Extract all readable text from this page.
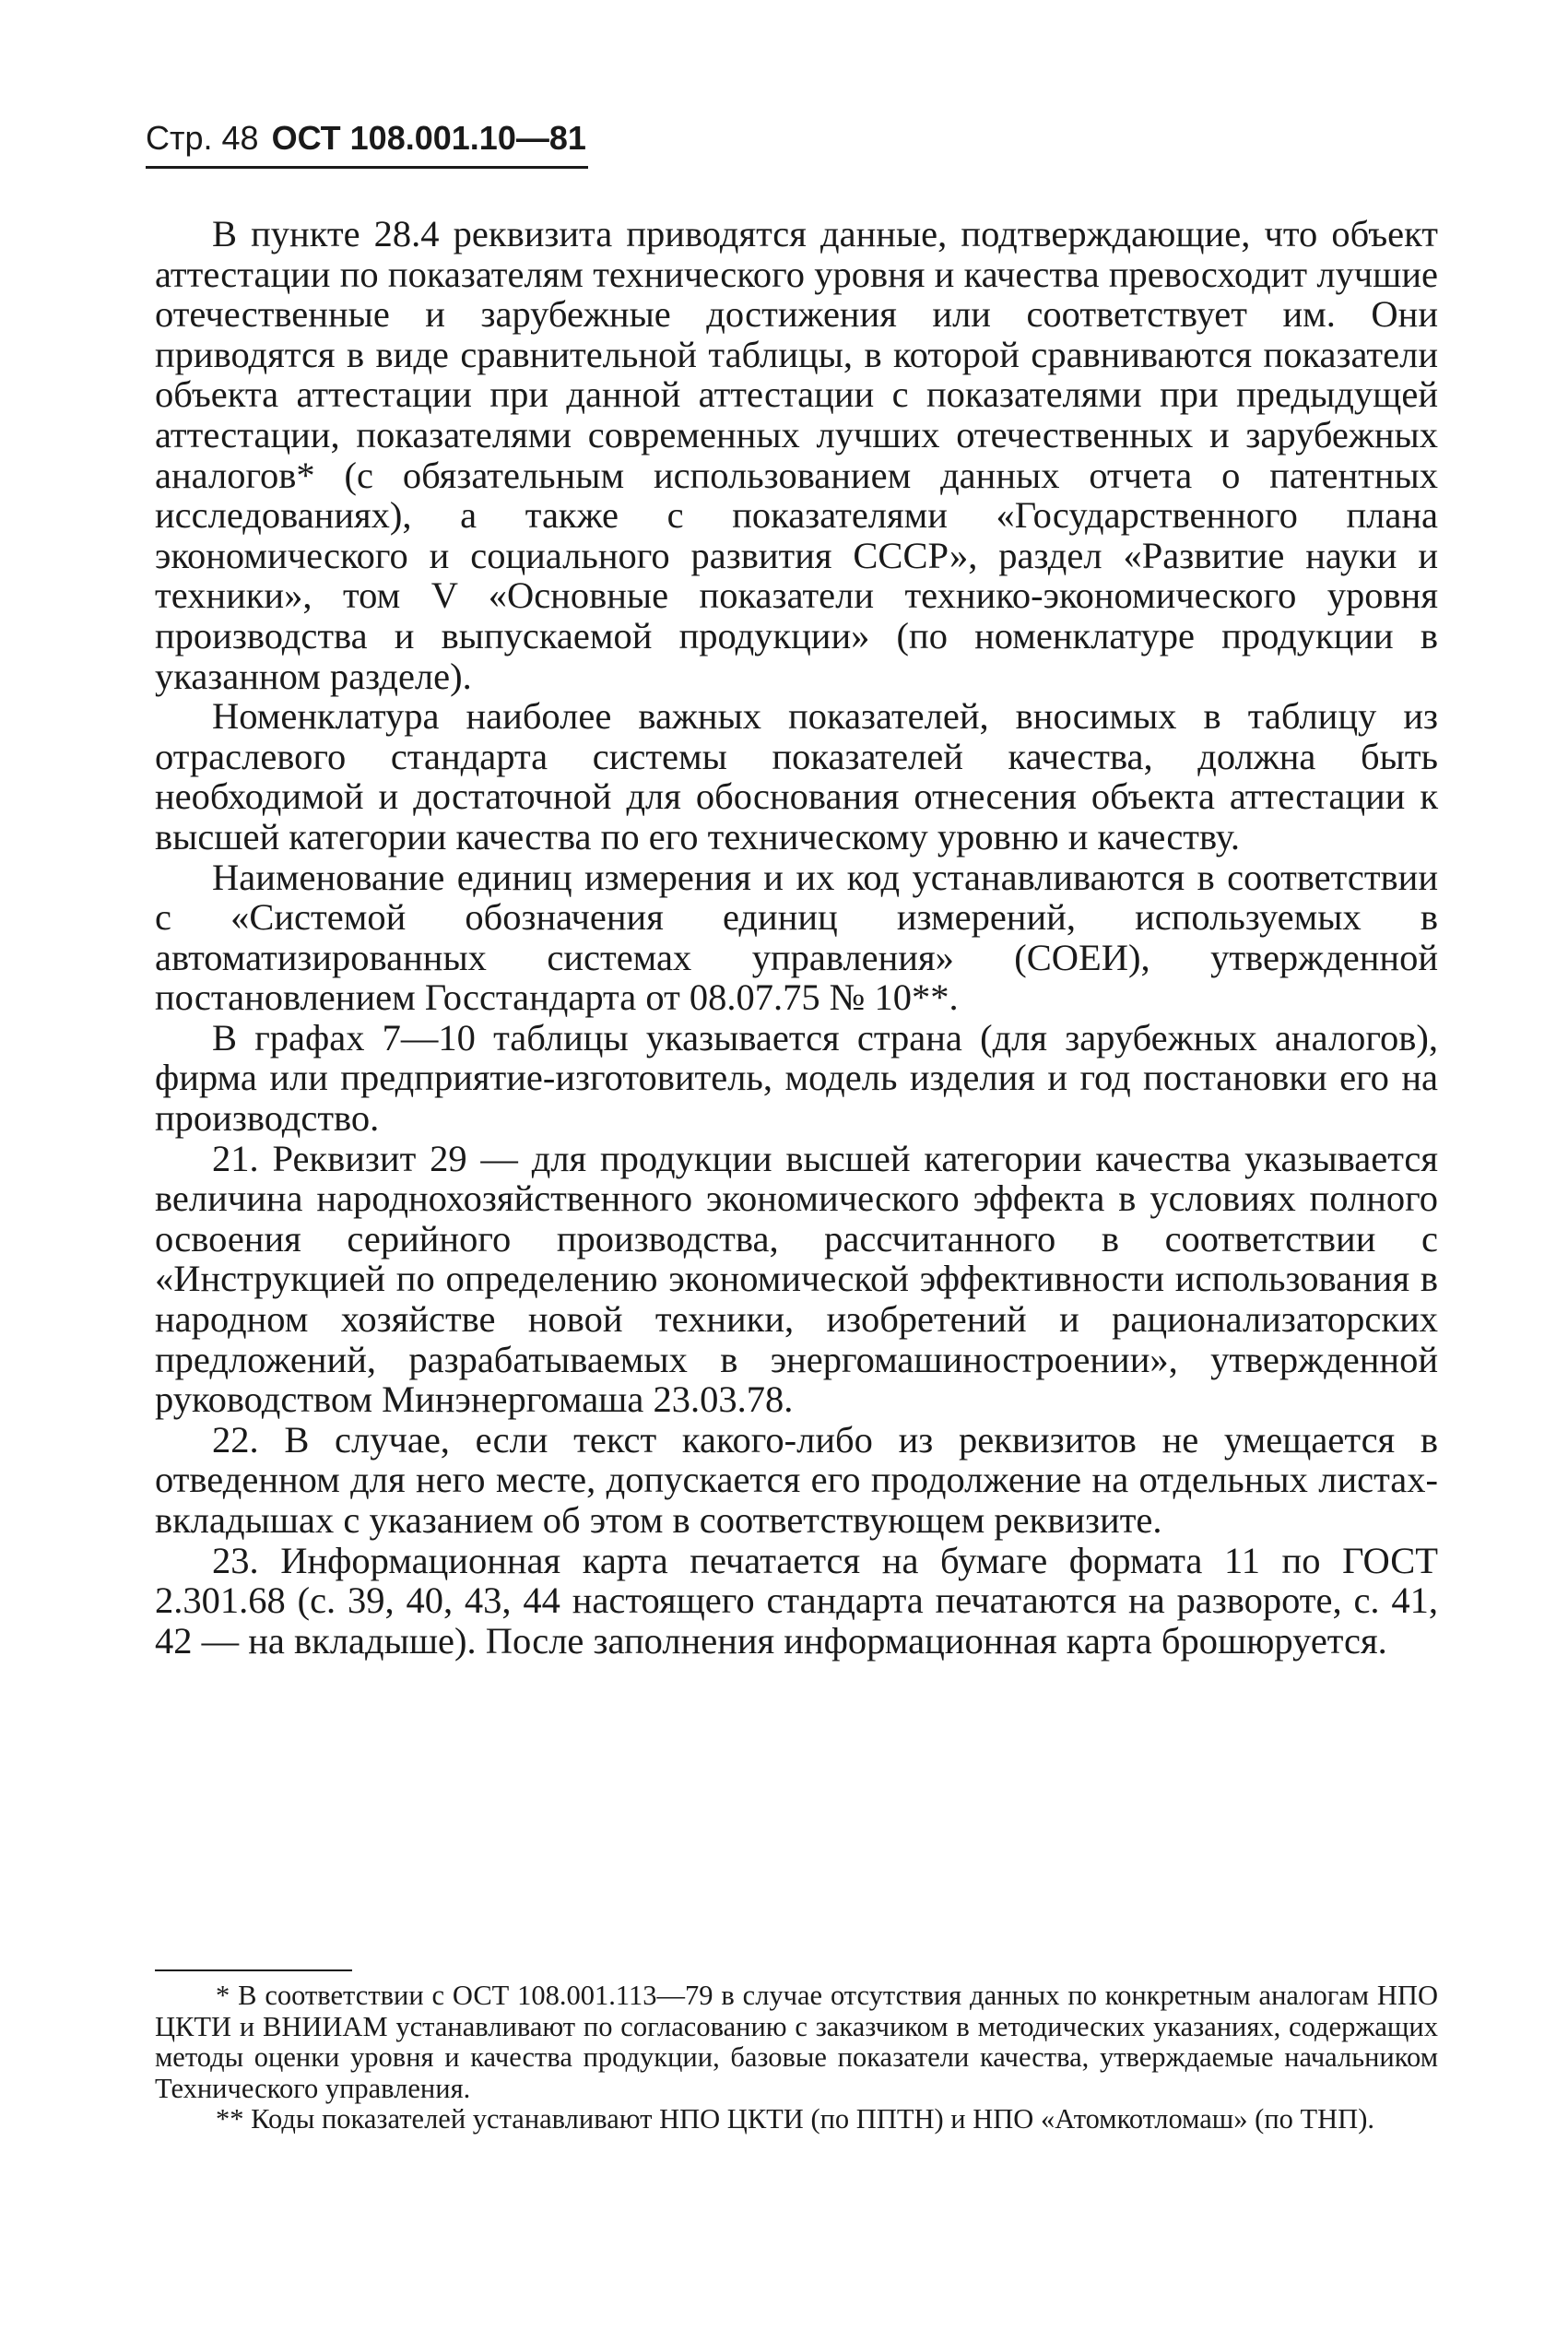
Стр. 48 ОСТ 108.001.10—81

В пункте 28.4 реквизита приводятся данные, подтверждающие, что объект аттестации по показателям технического уровня и качества превосходит лучшие отечественные и зарубежные достижения или соответствует им. Они приводятся в виде сравнительной таблицы, в которой сравниваются показатели объекта аттестации при данной аттестации с показателями при предыдущей аттестации, показателями современных лучших отечественных и зарубежных аналогов* (с обязательным использованием данных отчета о патентных исследованиях), а также с показателями «Государственного плана экономического и социального развития СССР», раздел «Развитие науки и техники», том V «Основные показатели технико-экономического уровня производства и выпускаемой продукции» (по номенклатуре продукции в указанном разделе).

Номенклатура наиболее важных показателей, вносимых в таблицу из отраслевого стандарта системы показателей качества, должна быть необходимой и достаточной для обоснования отнесения объекта аттестации к высшей категории качества по его техническому уровню и качеству.

Наименование единиц измерения и их код устанавливаются в соответствии с «Системой обозначения единиц измерений, используемых в автоматизированных системах управления» (СОЕИ), утвержденной постановлением Госстандарта от 08.07.75 № 10**.

В графах 7—10 таблицы указывается страна (для зарубежных аналогов), фирма или предприятие-изготовитель, модель изделия и год постановки его на производство.

21. Реквизит 29 — для продукции высшей категории качества указывается величина народнохозяйственного экономического эффекта в условиях полного освоения серийного производства, рассчитанного в соответствии с «Инструкцией по определению экономической эффективности использования в народном хозяйстве новой техники, изобретений и рационализаторских предложений, разрабатываемых в энергомашиностроении», утвержденной руководством Минэнергомаша 23.03.78.

22. В случае, если текст какого-либо из реквизитов не умещается в отведенном для него месте, допускается его продолжение на отдельных листах-вкладышах с указанием об этом в соответствующем реквизите.

23. Информационная карта печатается на бумаге формата 11 по ГОСТ 2.301.68 (с. 39, 40, 43, 44 настоящего стандарта печатаются на развороте, с. 41, 42 — на вкладыше). После заполнения информационная карта брошюруется.

* В соответствии с ОСТ 108.001.113—79 в случае отсутствия данных по конкретным аналогам НПО ЦКТИ и ВНИИАМ устанавливают по согласованию с заказчиком в методических указаниях, содержащих методы оценки уровня и качества продукции, базовые показатели качества, утверждаемые начальником Технического управления.

** Коды показателей устанавливают НПО ЦКТИ (по ППТН) и НПО «Атомкотломаш» (по ТНП).
